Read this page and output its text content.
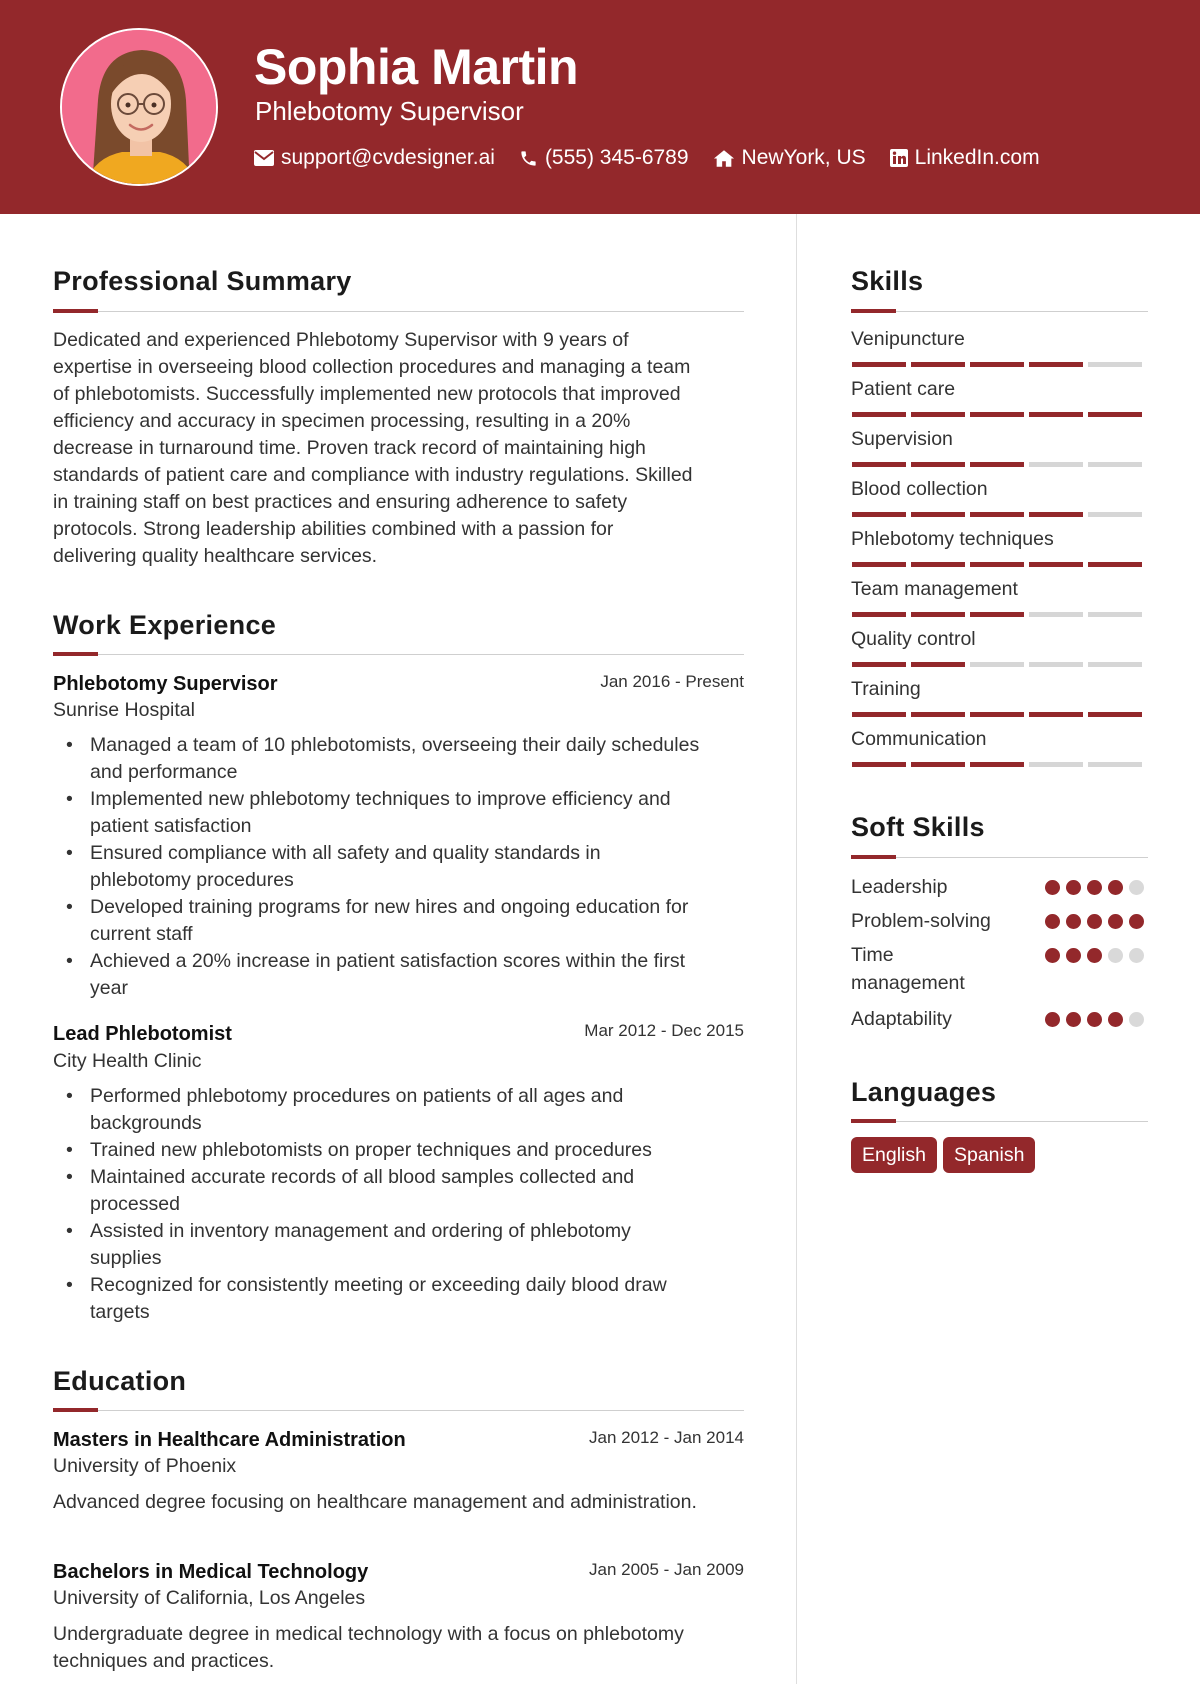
Sophia Martin
Phlebotomy Supervisor
support@cvdesigner.ai (555) 345-6789	NewYork, US LinkedIn.com
Professional Summary
Dedicated and experienced Phlebotomy Supervisor with 9 years of
expertise in overseeing blood collection procedures and managing a team
of phlebotomists. Successfully implemented new protocols that improved
efficiency and accuracy in specimen processing, resulting in a 20%
decrease in turnaround time. Proven track record of maintaining high
standards of patient care and compliance with industry regulations. Skilled
in training staff on best practices and ensuring adherence to safety
protocols. Strong leadership abilities combined with a passion for
delivering quality healthcare services.
Work Experience
Phlebotomy Supervisor	Jan 2016 - Present
Sunrise Hospital
• Managed a team of 10 phlebotomists, overseeing their daily schedules
and performance
• Implemented new phlebotomy techniques to improve efficiency and
patient satisfaction
• Ensured compliance with all safety and quality standards in
phlebotomy procedures
• Developed training programs for new hires and ongoing education for
current staff
• Achieved a 20% increase in patient satisfaction scores within the first
year
Lead Phlebotomist	Mar 2012 - Dec 2015
City Health Clinic
• Performed phlebotomy procedures on patients of all ages and
backgrounds
• Trained new phlebotomists on proper techniques and procedures
• Maintained accurate records of all blood samples collected and
processed
• Assisted in inventory management and ordering of phlebotomy
supplies
• Recognized for consistently meeting or exceeding daily blood draw
targets
Education
Masters in Healthcare Administration	Jan 2012 - Jan 2014
University of Phoenix
Advanced degree focusing on healthcare management and administration.
Bachelors in Medical Technology	Jan 2005 - Jan 2009
University of California, Los Angeles
Undergraduate degree in medical technology with a focus on phlebotomy
techniques and practices.
Skills
Venipuncture
Patient care
Supervision
Blood collection
Phlebotomy techniques
Team management
Quality control
Training
Communication
Soft Skills
Leadership
Problem-solving
Time
management
Adaptability
Languages
English	Spanish
